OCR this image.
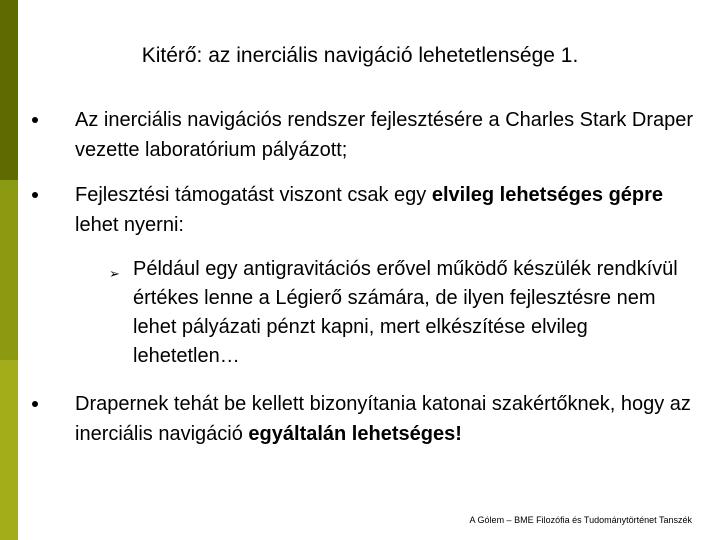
Kitérő: az inerciális navigáció lehetetlensége 1.
Az inerciális navigációs rendszer fejlesztésére a Charles Stark Draper vezette laboratórium pályázott;
Fejlesztési támogatást viszont csak egy elvileg lehetséges gépre lehet nyerni:
➢ Például egy antigravitációs erővel működő készülék rendkívül értékes lenne a Légierő számára, de ilyen fejlesztésre nem lehet pályázati pénzt kapni, mert elkészítése elvileg lehetetlen…
Drapernek tehát be kellett bizonyítania katonai szakértőknek, hogy az inerciális navigáció egyáltalán lehetséges!
A Gólem – BME Filozófia és Tudománytörténet Tanszék
